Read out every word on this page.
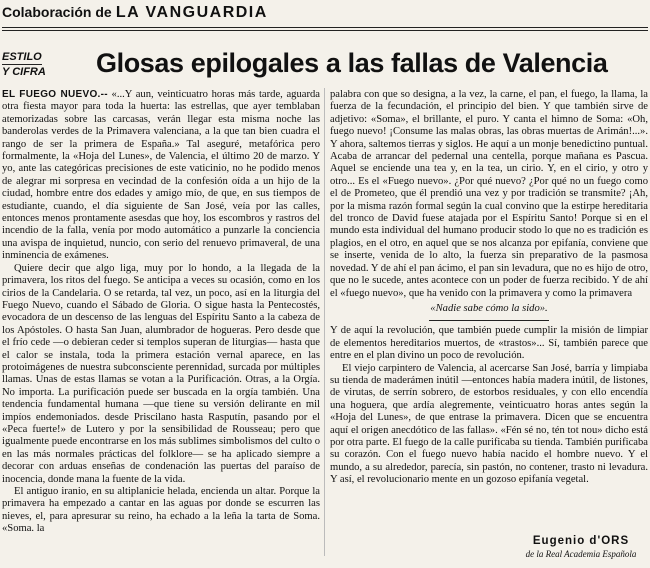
Colaboración de LA VANGUARDIA
ESTILO
Y CIFRA	Glosas epilogales a las fallas de Valencia

EL FUEGO NUEVO.-- «...Y aun, veinticuatro horas más tarde, aguarda otra fiesta mayor para toda la huerta: las estrellas, que ayer temblaban atemorizadas sobre las carcasas, verán llegar esta misma noche las banderolas verdes de la Primavera valenciana, a la que tan bien cuadra el rango de ser la primera de España.» Tal aseguré, metafórica pero formalmente, la «Hoja del Lunes», de Valencia, el último 20 de marzo. Y yo, ante las categóricas precisiones de este vaticinio, no he podido menos de alegrar mi sorpresa en vecindad de la confesión oída a un hijo de la ciudad, hombre entre dos edades y amigo mío, de que, en sus tiempos de estudiante, cuando, el día siguiente de San José, veía por las calles, entonces menos prontamente asesdas que hoy, los escombros y rastros del incendio de la falla, venía por modo automático a punzarle la conciencia una avispa de inquietud, nuncio, con serio del renuevo primaveral, de una inminencia de exámenes.

Quiere decir que algo liga, muy por lo hondo, a la llegada de la primavera, los ritos del fuego. Se anticipa a veces su ocasión, como en los cirios de la Candelaria. O se retarda, tal vez, un poco, así en la liturgia del Fuego Nuevo, cuando el Sábado de Gloria. O sigue hasta la Pentecostés, evocadora de un descenso de las lenguas del Espíritu Santo a la cabeza de los Apóstoles. O hasta San Juan, alumbrador de hogueras. Pero desde que el frío cede —o debieran ceder si templos superan de liturgias— hasta que el calor se instala, toda la primera estación vernal aparece, en las protoimágenes de nuestra subconsciente perennidad, surcada por múltiples llamas. Unas de estas llamas se votan a la Purificación. Otras, a la Orgía. No importa. La purificación puede ser buscada en la orgía también. Una tendencia fundamental humana —que tiene su versión delirante en mil impíos endemoniados. desde Priscilano hasta Rasputín, pasando por el «Peca fuerte!» de Lutero y por la sensibilidad de Rousseau; pero que igualmente puede encontrarse en los más sublimes simbolismos del culto o en las más normales prácticas del folklore— se ha aplicado siempre a decorar con arduas enseñas de condenación las puertas del paraíso de inocencia, donde mana la fuente de la vida.

El antiguo iranio, en su altiplanicie helada, encienda un altar. Porque la primavera ha empezado a cantar en las aguas por donde se escurren las nieves, el, para apresurar su reino, ha echado a la leña la tarta de Soma. «Soma. la

palabra con que so designa, a la vez, la carne, el pan, el fuego, la llama, la fuerza de la fecundación, el principio del bien. Y que también sirve de adjetivo: «Soma», el brillante, el puro. Y canta el himno de Soma: «Oh, fuego nuevo! ¡Consume las malas obras, las obras muertas de Arimán!...». Y ahora, saltemos tierras y siglos. He aquí a un monje benedictino puntual. Acaba de arrancar del pedernal una centella, porque mañana es Pascua. Aquel se enciende una tea y, en la tea, un cirio. Y, en el cirio, y otro y otro... Es el «Fuego nuevo». ¿Por qué nuevo? ¿Por qué no un fuego como el de Prometeo, que él prendió una vez y por tradición se transmite? ¡Ah, por la misma razón formal según la cual convino que la estirpe hereditaria del tronco de David fuese atajada por el Espíritu Santo! Porque si en el mundo esta individual del humano producir stodo lo que no es tradición es plagios, en el otro, en aquel que se nos alcanza por epifanía, conviene que se inserte, venida de lo alto, la fuerza sin preparativo de la pasmosa novedad. Y de ahí el pan ácimo, el pan sin levadura, que no es hijo de otro, que no le sucede, antes acontece con un poder de fuerza recibido. Y de ahí el «fuego nuevo», que ha venido con la primavera y como la primavera

«Nadie sabe cómo la sido».

Y de aquí la revolución, que también puede cumplir la misión de limpiar de elementos hereditarios muertos, de «trastos»... Sí, también parece que entre en el plan divino un poco de revolución.

El viejo carpintero de Valencia, al acercarse San José, barría y limpiaba su tienda de maderámen inútil —entonces había madera inútil, de listones, de virutas, de serrín sobrero, de estorbos residuales, y con ello encendía una hoguera, que ardía alegremente, veinticuatro horas antes según la «Hoja del Lunes», de que entrase la primavera. Dicen que se encuentra aquí el origen anecdótico de las fallas». «Fén sé no, tén tot nou» dicho está por otra parte. El fuego de la calle purificaba su tienda. También purificaba su corazón. Con el fuego nuevo había nacido el hombre nuevo. Y el mundo, a su alrededor, parecía, sin pastón, no contener, trasto ni levadura. Y así, el revolucionario mente en un gozoso epifanía vegetal.

Eugenio d'ORS
de la Real Academia Española
